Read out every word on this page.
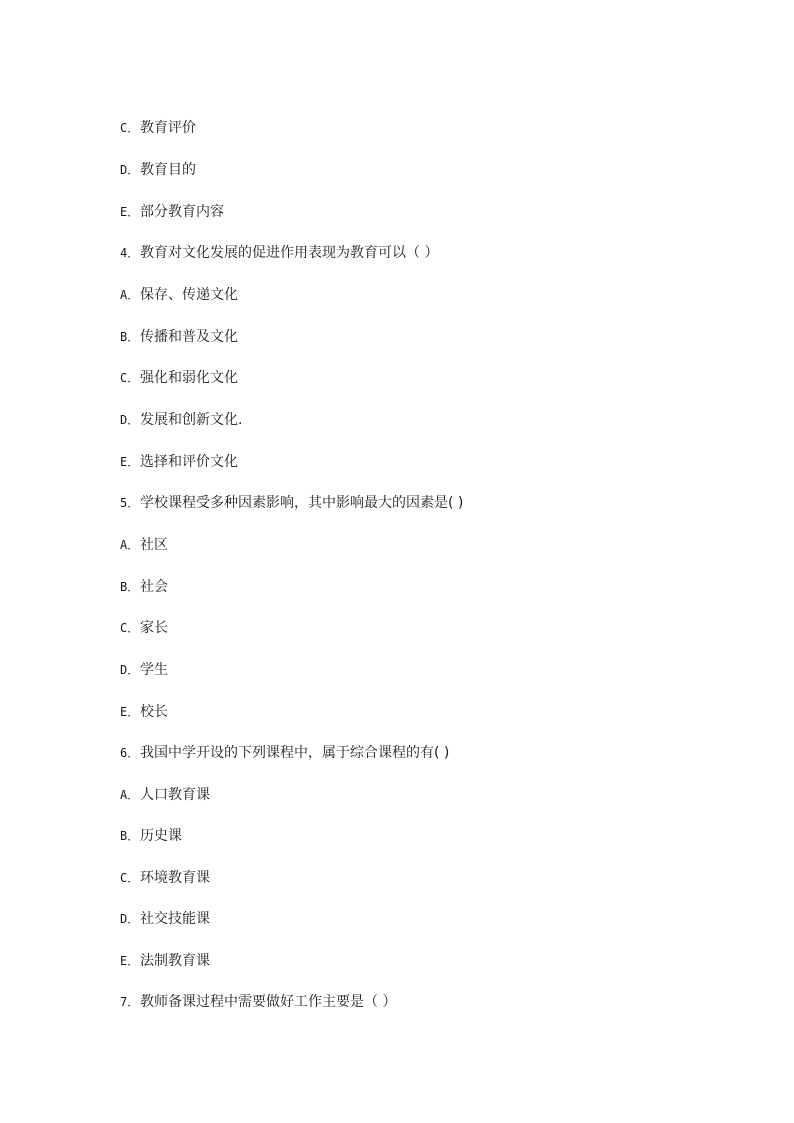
C．教育评价

D．教育目的

E．部分教育内容

4．教育对文化发展的促进作用表现为教育可以（ ）

A．保存、传递文化

B．传播和普及文化

C．强化和弱化文化

D．发展和创新文化.

E．选择和评价文化

5．学校课程受多种因素影响，其中影响最大的因素是( )

A．社区

B．社会

C．家长

D．学生

E．校长

6．我国中学开设的下列课程中，属于综合课程的有( )

A．人口教育课

B．历史课

C．环境教育课

D．社交技能课

E．法制教育课

7．教师备课过程中需要做好工作主要是（ ）
